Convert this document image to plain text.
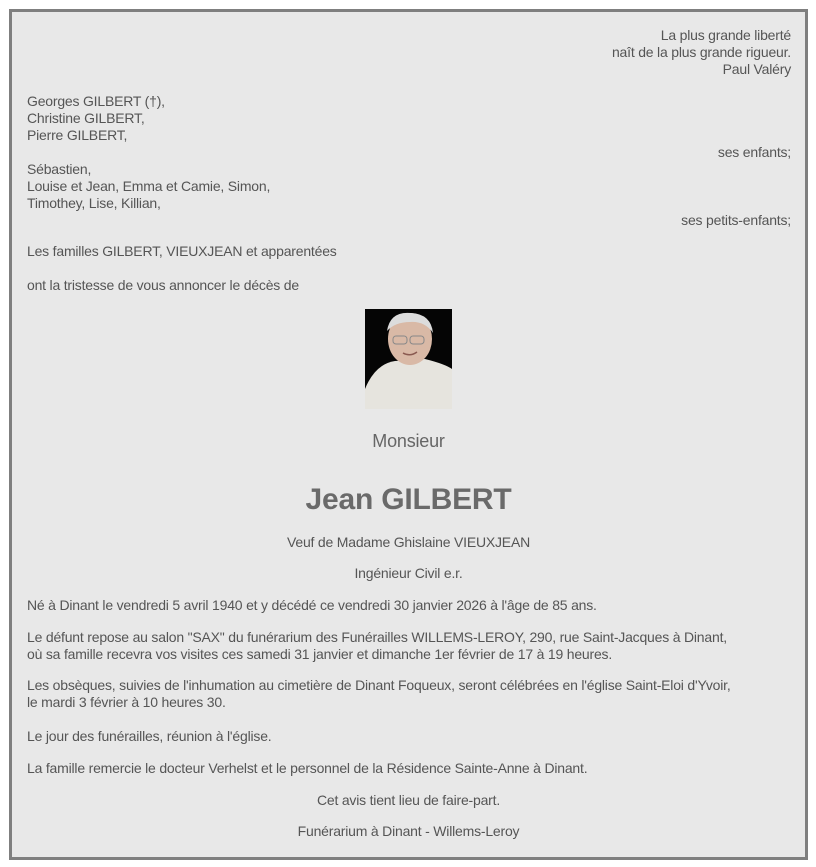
La plus grande liberté
naît de la plus grande rigueur.
Paul Valéry
Georges GILBERT (†),
Christine GILBERT,
Pierre GILBERT,
ses enfants;
Sébastien,
Louise et Jean, Emma et Camie, Simon,
Timothey, Lise, Killian,
ses petits-enfants;
Les familles GILBERT, VIEUXJEAN et apparentées
ont la tristesse de vous annoncer le décès de
Monsieur
Jean GILBERT
Veuf de Madame Ghislaine VIEUXJEAN
Ingénieur Civil e.r.
Né à Dinant le vendredi 5 avril 1940 et y décédé ce vendredi 30 janvier 2026 à l'âge de 85 ans.
Le défunt repose au salon "SAX" du funérarium des Funérailles WILLEMS-LEROY, 290, rue Saint-Jacques à Dinant,
où sa famille recevra vos visites ces samedi 31 janvier et dimanche 1er février de 17 à 19 heures.
Les obsèques, suivies de l'inhumation au cimetière de Dinant Foqueux, seront célébrées en l'église Saint-Eloi d'Yvoir,
le mardi 3 février à 10 heures 30.
Le jour des funérailles, réunion à l'église.
La famille remercie le docteur Verhelst et le personnel de la Résidence Sainte-Anne à Dinant.
Cet avis tient lieu de faire-part.
Funérarium à Dinant - Willems-Leroy
